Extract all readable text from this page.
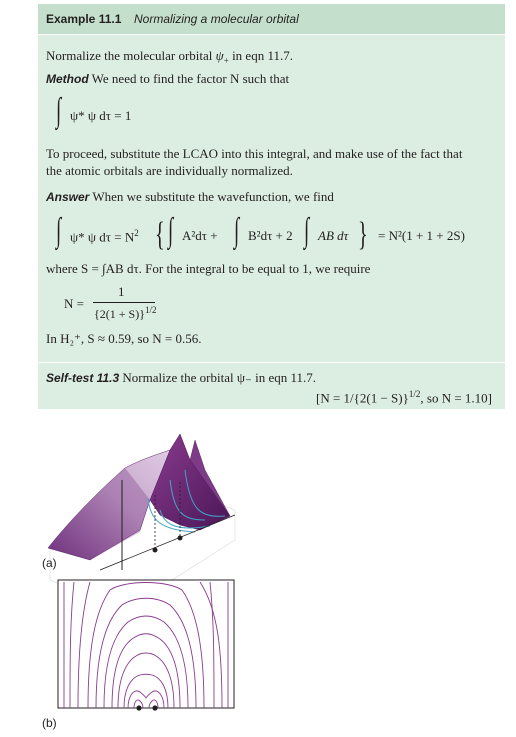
Example 11.1 Normalizing a molecular orbital
Normalize the molecular orbital $\psi_+$ in eqn 11.7.
Method We need to find the factor N such that
∫ ψ* ψ dτ = 1
To proceed, substitute the LCAO into this integral, and make use of the fact that
the atomic orbitals are individually normalized.
Answer When we substitute the wavefunction, we find
∫ ψ* ψ $d\tau = N^2$ { ∫ A²dτ + ∫ B²dτ + 2 ∫ AB dτ } = N²(1 + 1 + 2S)
where S = ∫AB dτ. For the integral to be equal to 1, we require
N =
1
$\{2(1 + S)\}^{1/2}$
In H₂⁺, S ≈ 0.59, so N = 0.56.
Self-test 11.3 Normalize the orbital ψ₋ in eqn 11.7.
[$N = 1/\{2(1 - S)\}^{1/2}$, so N = 1.10]
(a)
(b)
